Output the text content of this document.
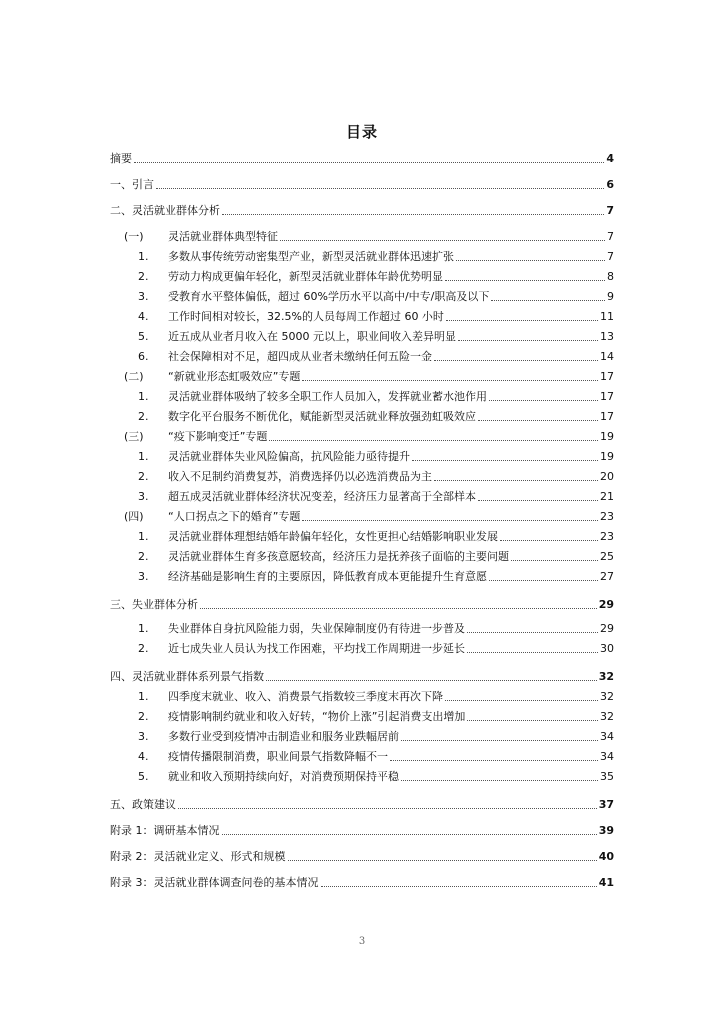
目录
摘要	4
一、引言	6
二、灵活就业群体分析	7
(一)	灵活就业群体典型特征	7
1.	多数从事传统劳动密集型产业，新型灵活就业群体迅速扩张	7
2.	劳动力构成更偏年轻化，新型灵活就业群体年龄优势明显	8
3.	受教育水平整体偏低，超过 60%学历水平以高中/中专/职高及以下	9
4.	工作时间相对较长，32.5%的人员每周工作超过 60 小时	11
5.	近五成从业者月收入在 5000 元以上，职业间收入差异明显	13
6.	社会保障相对不足，超四成从业者未缴纳任何五险一金	14
(二)	“新就业形态虹吸效应”专题	17
1.	灵活就业群体吸纳了较多全职工作人员加入，发挥就业蓄水池作用	17
2.	数字化平台服务不断优化，赋能新型灵活就业释放强劲虹吸效应	17
(三)	“疫下影响变迁”专题	19
1.	灵活就业群体失业风险偏高，抗风险能力亟待提升	19
2.	收入不足制约消费复苏，消费选择仍以必选消费品为主	20
3.	超五成灵活就业群体经济状况变差，经济压力显著高于全部样本	21
(四)	“人口拐点之下的婚育”专题	23
1.	灵活就业群体理想结婚年龄偏年轻化，女性更担心结婚影响职业发展	23
2.	灵活就业群体生育多孩意愿较高，经济压力是抚养孩子面临的主要问题	25
3.	经济基础是影响生育的主要原因，降低教育成本更能提升生育意愿	27
三、失业群体分析	29
1.	失业群体自身抗风险能力弱，失业保障制度仍有待进一步普及	29
2.	近七成失业人员认为找工作困难，平均找工作周期进一步延长	30
四、灵活就业群体系列景气指数	32
1.	四季度末就业、收入、消费景气指数较三季度末再次下降	32
2.	疫情影响制约就业和收入好转，“物价上涨”引起消费支出增加	32
3.	多数行业受到疫情冲击制造业和服务业跌幅居前	34
4.	疫情传播限制消费，职业间景气指数降幅不一	34
5.	就业和收入预期持续向好，对消费预期保持平稳	35
五、政策建议	37
附录 1：调研基本情况	39
附录 2：灵活就业定义、形式和规模	40
附录 3：灵活就业群体调查问卷的基本情况	41
3
